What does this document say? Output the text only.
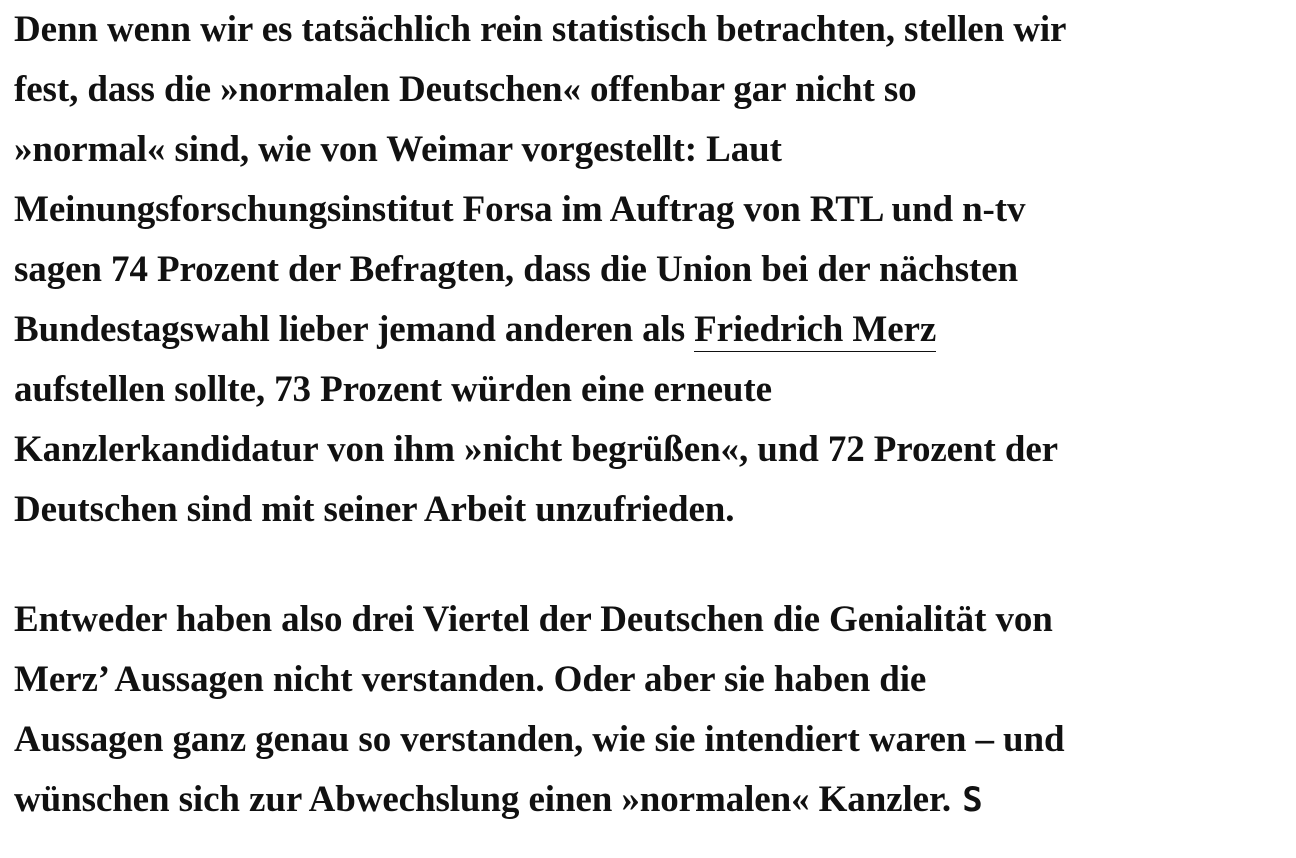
Denn wenn wir es tatsächlich rein statistisch betrachten, stellen wir
fest, dass die »normalen Deutschen« offenbar gar nicht so
»normal« sind, wie von Weimar vorgestellt: Laut
Meinungsforschungsinstitut Forsa im Auftrag von RTL und n-tv
sagen 74 Prozent der Befragten, dass die Union bei der nächsten
Bundestagswahl lieber jemand anderen als Friedrich Merz
aufstellen sollte, 73 Prozent würden eine erneute
Kanzlerkandidatur von ihm »nicht begrüßen«, und 72 Prozent der
Deutschen sind mit seiner Arbeit unzufrieden.

Entweder haben also drei Viertel der Deutschen die Genialität von
Merz’ Aussagen nicht verstanden. Oder aber sie haben die
Aussagen ganz genau so verstanden, wie sie intendiert waren – und
wünschen sich zur Abwechslung einen »normalen« Kanzler. S
